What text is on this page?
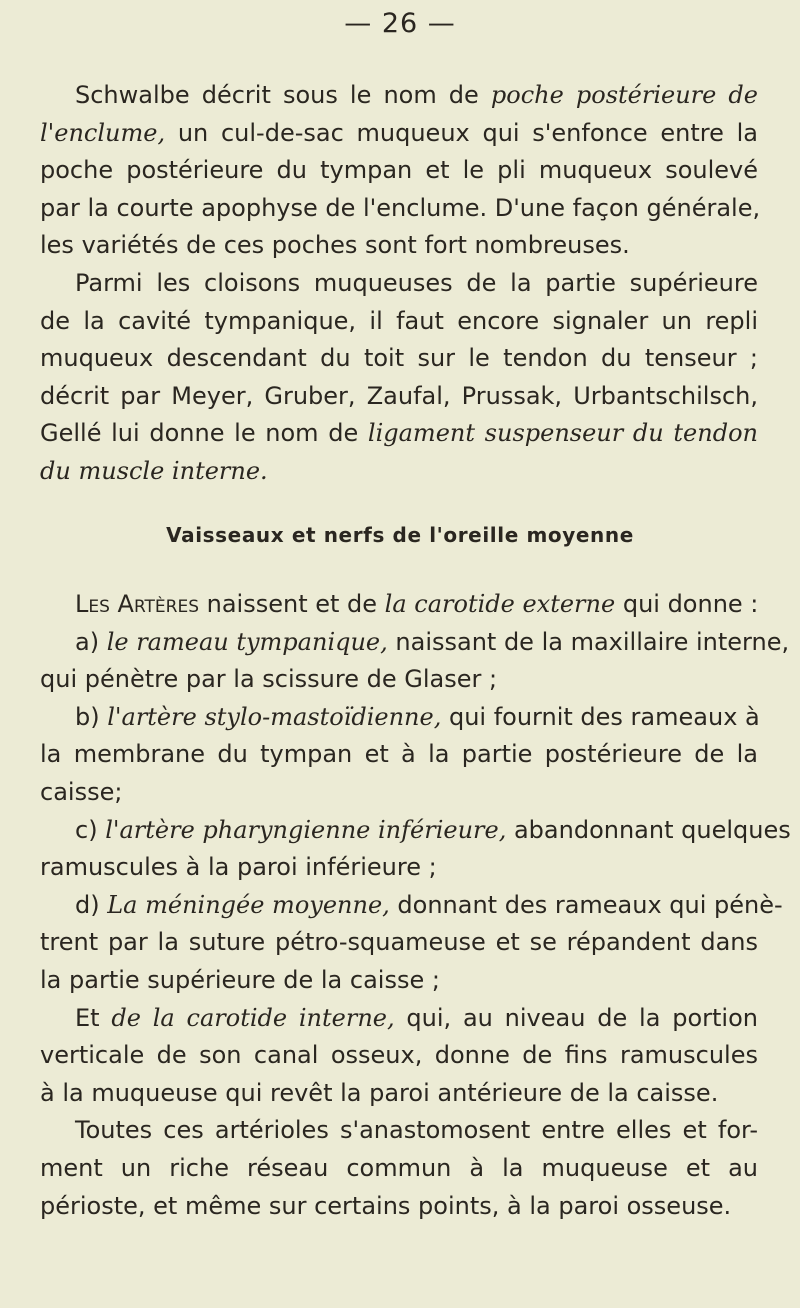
— 26 —
Schwalbe décrit sous le nom de poche postérieure de
l'enclume, un cul-de-sac muqueux qui s'enfonce entre la
poche postérieure du tympan et le pli muqueux soulevé
par la courte apophyse de l'enclume. D'une façon générale,
les variétés de ces poches sont fort nombreuses.
Parmi les cloisons muqueuses de la partie supérieure
de la cavité tympanique, il faut encore signaler un repli
muqueux descendant du toit sur le tendon du tenseur ;
décrit par Meyer, Gruber, Zaufal, Prussak, Urbantschilsch,
Gellé lui donne le nom de ligament suspenseur du tendon
du muscle interne.
Vaisseaux et nerfs de l'oreille moyenne
Les Artères naissent et de la carotide externe qui donne :
a) le rameau tympanique, naissant de la maxillaire interne,
qui pénètre par la scissure de Glaser ;
b) l'artère stylo-mastoïdienne, qui fournit des rameaux à
la membrane du tympan et à la partie postérieure de la
caisse;
c) l'artère pharyngienne inférieure, abandonnant quelques
ramuscules à la paroi inférieure ;
d) La méningée moyenne, donnant des rameaux qui pénè-
trent par la suture pétro-squameuse et se répandent dans
la partie supérieure de la caisse ;
Et de la carotide interne, qui, au niveau de la portion
verticale de son canal osseux, donne de fins ramuscules
à la muqueuse qui revêt la paroi antérieure de la caisse.
Toutes ces artérioles s'anastomosent entre elles et for-
ment un riche réseau commun à la muqueuse et au
périoste, et même sur certains points, à la paroi osseuse.
